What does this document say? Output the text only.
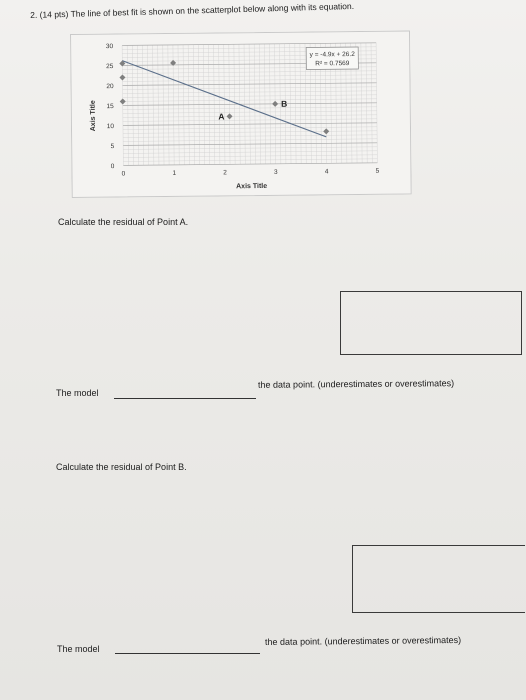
2. (14 pts) The line of best fit is shown on the scatterplot below along with its equation.
0
5
10
15
20
25
30
0	1	2	3	4	5
A
B
Axis Title
Axis Title
y = -4.9x + 26.2
R² = 0.7569
Calculate the residual of Point A.
The model
the data point. (underestimates or overestimates)
Calculate the residual of Point B.
The model
the data point. (underestimates or overestimates)
